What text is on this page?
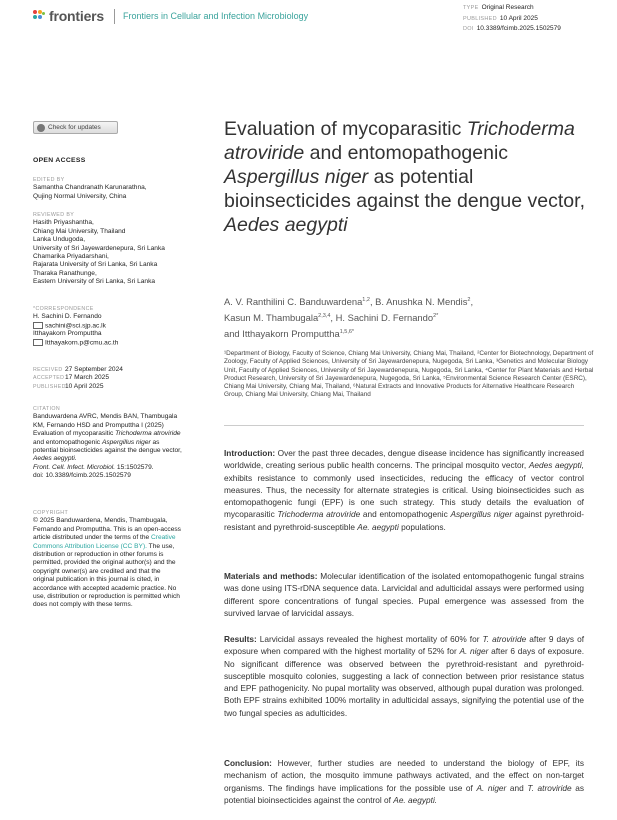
frontiers Frontiers in Cellular and Infection Microbiology
TYPE Original Research
PUBLISHED 10 April 2025
DOI 10.3389/fcimb.2025.1502579
Check for updates
OPEN ACCESS
EDITED BY
Samantha Chandranath Karunarathna,
Qujing Normal University, China
REVIEWED BY
Hasith Priyashantha,
Chiang Mai University, Thailand
Lanka Undugoda,
University of Sri Jayewardenepura, Sri Lanka
Chamarika Priyadarshani,
Rajarata University of Sri Lanka, Sri Lanka
Tharaka Ranathunge,
Eastern University of Sri Lanka, Sri Lanka
*CORRESPONDENCE
H. Sachini D. Fernando
sachini@sci.sjp.ac.lk
Itthayakorn Promputtha
Itthayakorn.p@cmu.ac.th
RECEIVED 27 September 2024
ACCEPTED17 March 2025
PUBLISHED10 April 2025
CITATION
Banduwardena AVRC, Mendis BAN, Thambugala KM, Fernando HSD and Promputtha I (2025) Evaluation of mycoparasitic Trichoderma atroviride and entomopathogenic Aspergillus niger as potential bioinsecticides against the dengue vector, Aedes aegypti.
Front. Cell. Infect. Microbiol. 15:1502579.
doi: 10.3389/fcimb.2025.1502579
COPYRIGHT
© 2025 Banduwardena, Mendis, Thambugala, Fernando and Promputtha. This is an open-access article distributed under the terms of the Creative Commons Attribution License (CC BY). The use, distribution or reproduction in other forums is permitted, provided the original author(s) and the copyright owner(s) are credited and that the original publication in this journal is cited, in accordance with accepted academic practice. No use, distribution or reproduction is permitted which does not comply with these terms.
Evaluation of mycoparasitic Trichoderma atroviride and entomopathogenic Aspergillus niger as potential bioinsecticides against the dengue vector, Aedes aegypti
A. V. Ranthilini C. Banduwardena$^{1,2}$, B. Anushka N. Mendis$^2$,
Kasun M. Thambugala$^{2,3,4}$, H. Sachini D. Fernando$^{2*}$
and Itthayakorn Promputtha$^{1,5,6*}$
¹Department of Biology, Faculty of Science, Chiang Mai University, Chiang Mai, Thailand, ²Center for Biotechnology, Department of Zoology, Faculty of Applied Sciences, University of Sri Jayewardenepura, Nugegoda, Sri Lanka, ³Genetics and Molecular Biology Unit, Faculty of Applied Sciences, University of Sri Jayewardenepura, Nugegoda, Sri Lanka, ⁴Center for Plant Materials and Herbal Product Research, University of Sri Jayewardenepura, Nugegoda, Sri Lanka, ⁵Environmental Science Research Center (ESRC), Chiang Mai University, Chiang Mai, Thailand, ⁶Natural Extracts and Innovative Products for Alternative Healthcare Research Group, Chiang Mai University, Chiang Mai, Thailand
Introduction: Over the past three decades, dengue disease incidence has significantly increased worldwide, creating serious public health concerns. The principal mosquito vector, Aedes aegypti, exhibits resistance to commonly used insecticides, reducing the efficacy of vector control measures. Thus, the necessity for alternate strategies is critical. Using bioinsecticides such as entomopathogenic fungi (EPF) is one such strategy. This study details the evaluation of mycoparasitic Trichoderma atroviride and entomopathogenic Aspergillus niger against pyrethroid-resistant and pyrethroid-susceptible Ae. aegypti populations.
Materials and methods: Molecular identification of the isolated entomopathogenic fungal strains was done using ITS-rDNA sequence data. Larvicidal and adulticidal assays were performed using different spore concentrations of fungal species. Pupal emergence was assessed from the survived larvae of larvicidal assays.
Results: Larvicidal assays revealed the highest mortality of 60% for T. atroviride after 9 days of exposure when compared with the highest mortality of 52% for A. niger after 6 days of exposure. No significant difference was observed between the pyrethroid-resistant and pyrethroid-susceptible mosquito colonies, suggesting a lack of connection between prior resistance status and EPF pathogenicity. No pupal mortality was observed, although pupal duration was prolonged. Both EPF strains exhibited 100% mortality in adulticidal assays, signifying the potential use of the two fungal species as adulticides.
Conclusion: However, further studies are needed to understand the biology of EPF, its mechanism of action, the mosquito immune pathways activated, and the effect on non-target organisms. The findings have implications for the possible use of A. niger and T. atroviride as potential bioinsecticides against the control of Ae. aegypti.
